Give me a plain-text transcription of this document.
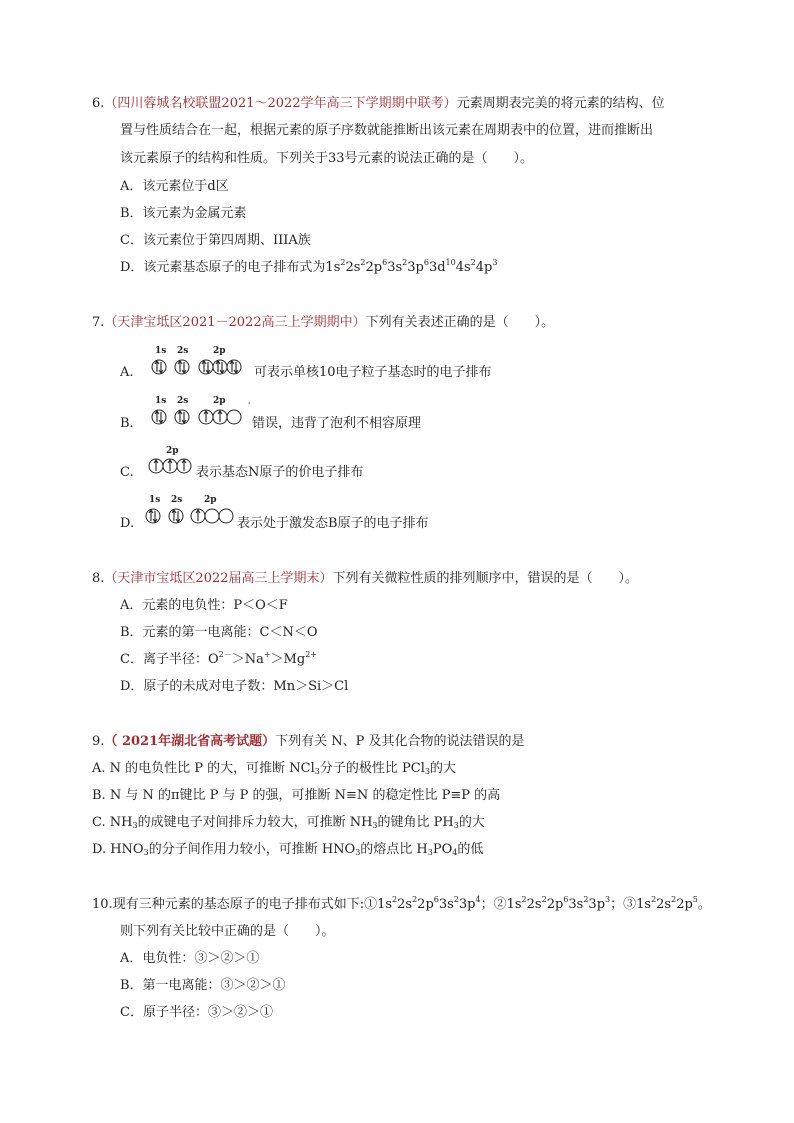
6.（四川蓉城名校联盟2021～2022学年高三下学期期中联考）元素周期表完美的将元素的结构、位
置与性质结合在一起，根据元素的原子序数就能推断出该元素在周期表中的位置，进而推断出
该元素原子的结构和性质。下列关于33号元素的说法正确的是（　　）。
A．该元素位于d区
B．该元素为金属元素
C．该元素位于第四周期、IIIA族
D．该元素基态原子的电子排布式为$1s^22s^22p^63s^23p^63d^{10}4s^24p^3$
7.（天津宝坻区2021－2022高三上学期期中）下列有关表述正确的是（　　）。
A.
1s 2s	2p
可表示单核10电子粒子基态时的电子排布
B.
1s 2s	2p	'
错误，违背了泡利不相容原理
C.
2p
表示基态N原子的价电子排布
D.
1s 2s 2p
表示处于激发态B原子的电子排布
8.（天津市宝坻区2022届高三上学期末）下列有关微粒性质的排列顺序中，错误的是（　　）。
A．元素的电负性：P＜O＜F
B．元素的第一电离能：C＜N＜O
C．离子半径：$O^{2-}>Na^+>Mg^{2+}$
D．原子的未成对电子数：Mn＞Si＞Cl
9.（ 2021年湖北省高考试题）下列有关 N、P 及其化合物的说法错误的是
A. N 的电负性比 P 的大，可推断 NCl$_3$分子的极性比 PCl$_3$的大
B. N 与 N 的π键比 P 与 P 的强，可推断 N≡N 的稳定性比 P≡P 的高
C. $NH_3$的成键电子对间排斥力较大，可推断 $NH_3$的键角比 $PH_3$的大
D. $HNO_3$的分子间作用力较小，可推断 $HNO_3$的熔点比 $H_3PO_4$的低
10.现有三种元素的基态原子的电子排布式如下$:①1s^22s^22p^63s^23p^4$；$②1s^22s^22p^63s^23p^3$；$③1s^22s^22p^5$。
则下列有关比较中正确的是（　　）。
A．电负性：③＞②＞①
B．第一电离能：③＞②＞①
C．原子半径：③＞②＞①
